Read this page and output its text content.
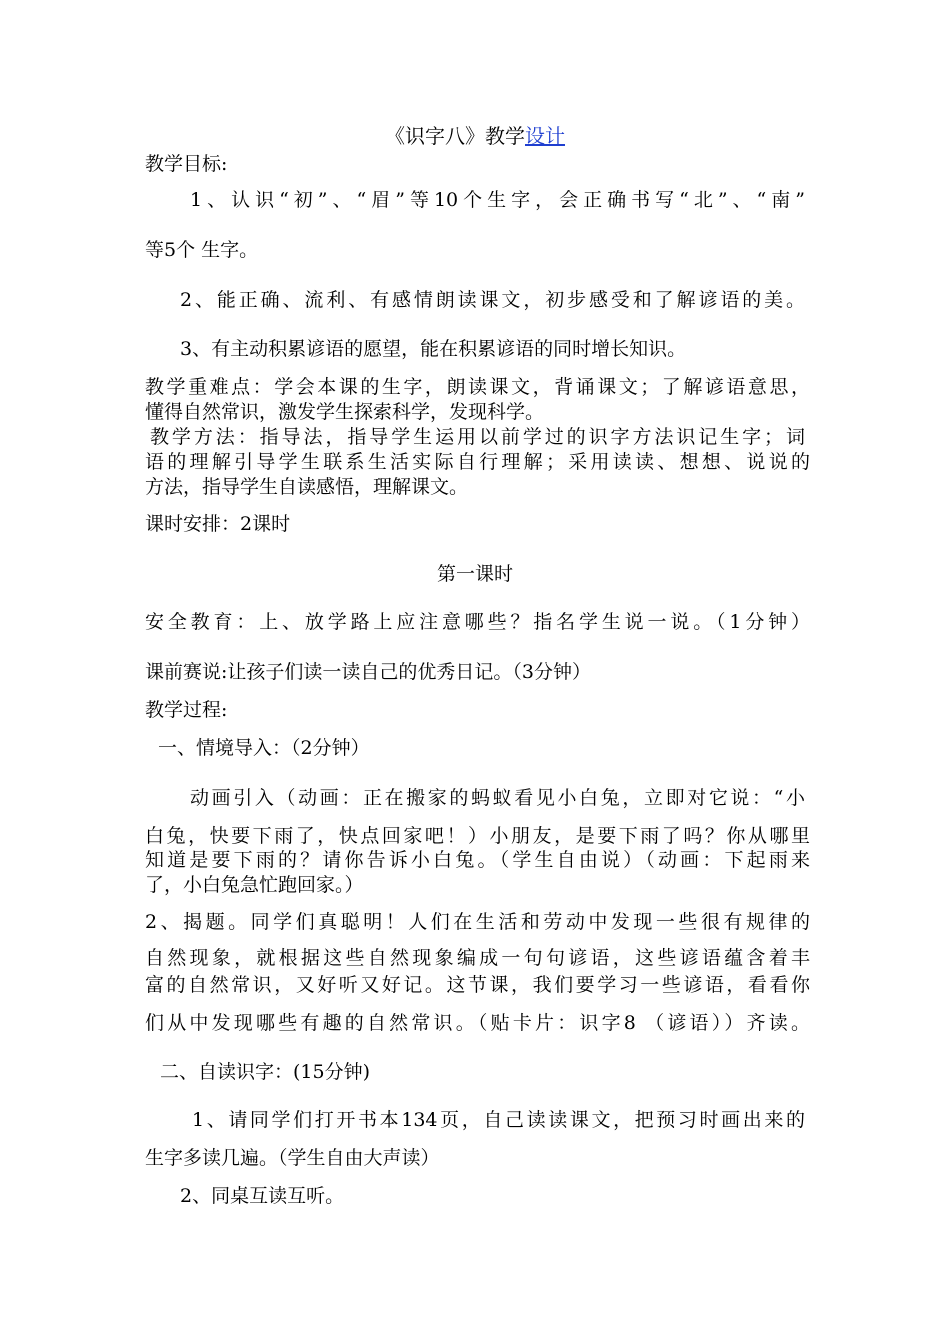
《识字八》教学设计
教学目标:
1、认识“初”、“眉”等10个生字，会正确书写“北”、“南”
等5个 生字。
2、能正确、流利、有感情朗读课文，初步感受和了解谚语的美。
3、有主动积累谚语的愿望，能在积累谚语的同时增长知识。
教学重难点：学会本课的生字，朗读课文，背诵课文；了解谚语意思，
懂得自然常识，激发学生探索科学，发现科学。
教学方法：指导法，指导学生运用以前学过的识字方法识记生字；词
语的理解引导学生联系生活实际自行理解；采用读读、想想、说说的
方法，指导学生自读感悟，理解课文。
课时安排：2课时
第一课时
安全教育：上、放学路上应注意哪些？指名学生说一说。（1分钟）
课前赛说:让孩子们读一读自己的优秀日记。（3分钟）
教学过程:
一、情境导入：（2分钟）
动画引入（动画：正在搬家的蚂蚁看见小白兔，立即对它说：“小
白兔，快要下雨了，快点回家吧！）小朋友，是要下雨了吗？你从哪里
知道是要下雨的？请你告诉小白兔。（学生自由说）（动画：下起雨来
了，小白兔急忙跑回家。）
2、揭题。同学们真聪明！人们在生活和劳动中发现一些很有规律的
自然现象，就根据这些自然现象编成一句句谚语，这些谚语蕴含着丰
富的自然常识，又好听又好记。这节课，我们要学习一些谚语，看看你
们从中发现哪些有趣的自然常识。（贴卡片：识字8 （谚语））齐读。
二、自读识字：(15分钟)
1、请同学们打开书本134页，自己读读课文，把预习时画出来的
生字多读几遍。（学生自由大声读）
2、同桌互读互听。
